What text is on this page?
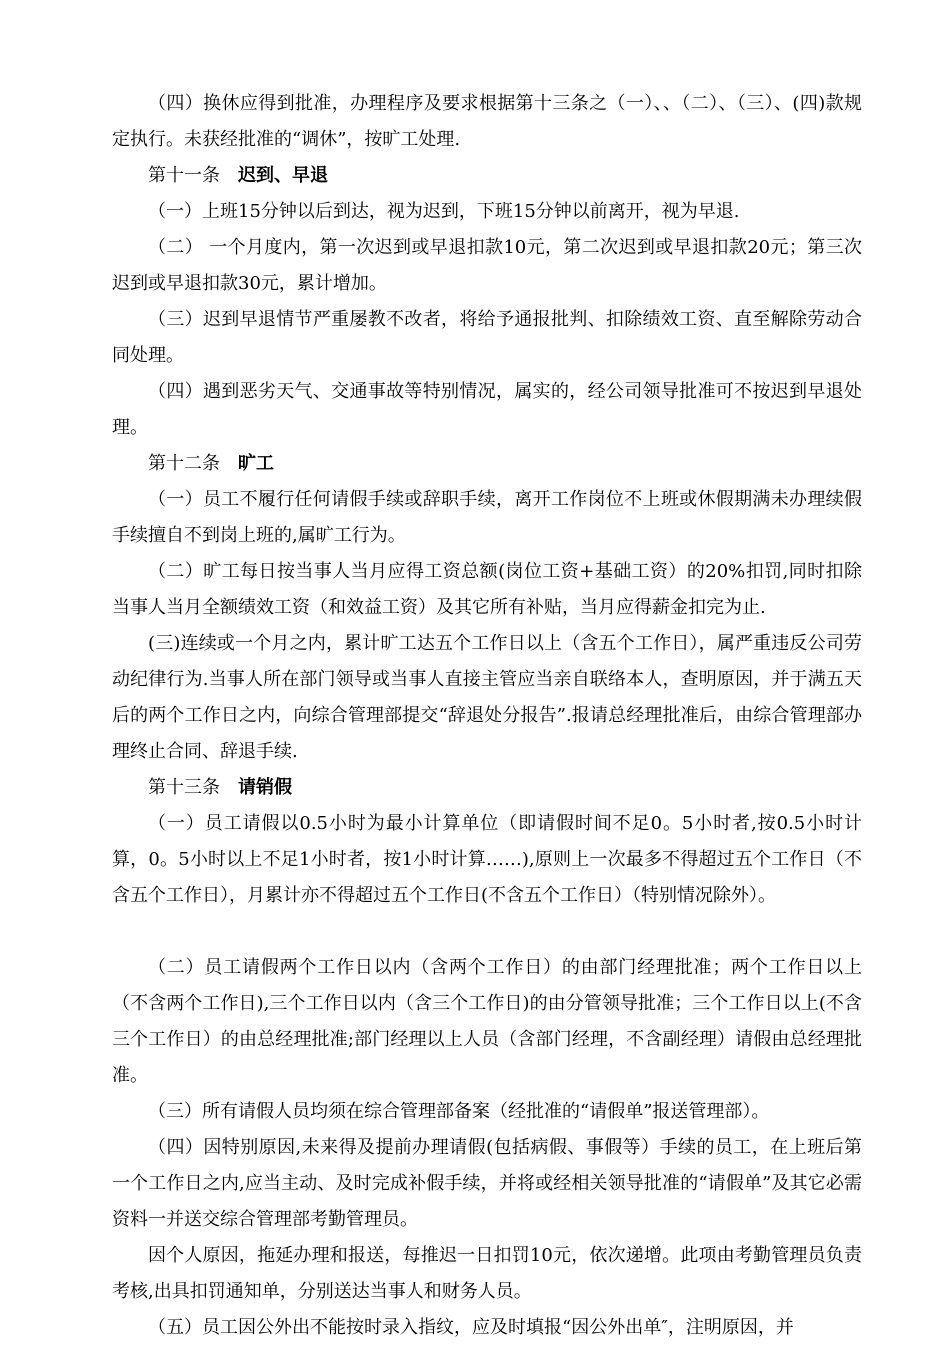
（四）换休应得到批准，办理程序及要求根据第十三条之（一）、、（二）、（三）、(四)款规定执行。未获经批准的“调休”，按旷工处理.

第十一条 迟到、早退

（一）上班15分钟以后到达，视为迟到，下班15分钟以前离开，视为早退.

（二） 一个月度内，第一次迟到或早退扣款10元，第二次迟到或早退扣款20元；第三次迟到或早退扣款30元，累计增加。

（三）迟到早退情节严重屡教不改者，将给予通报批判、扣除绩效工资、直至解除劳动合同处理。

（四）遇到恶劣天气、交通事故等特别情况，属实的，经公司领导批准可不按迟到早退处理。

第十二条 旷工

（一）员工不履行任何请假手续或辞职手续，离开工作岗位不上班或休假期满未办理续假手续擅自不到岗上班的,属旷工行为。

（二）旷工每日按当事人当月应得工资总额(岗位工资+基础工资）的20%扣罚,同时扣除当事人当月全额绩效工资（和效益工资）及其它所有补贴，当月应得薪金扣完为止.

(三)连续或一个月之内，累计旷工达五个工作日以上（含五个工作日），属严重违反公司劳动纪律行为.当事人所在部门领导或当事人直接主管应当亲自联络本人，查明原因，并于满五天后的两个工作日之内，向综合管理部提交“辞退处分报告”.报请总经理批准后，由综合管理部办理终止合同、辞退手续.

第十三条 请销假

（一）员工请假以0.5小时为最小计算单位（即请假时间不足0。5小时者,按0.5小时计算，0。5小时以上不足1小时者，按1小时计算……),原则上一次最多不得超过五个工作日（不含五个工作日），月累计亦不得超过五个工作日(不含五个工作日）（特别情况除外）。

（二）员工请假两个工作日以内（含两个工作日）的由部门经理批准；两个工作日以上（不含两个工作日),三个工作日以内（含三个工作日)的由分管领导批准；三个工作日以上(不含三个工作日）的由总经理批准;部门经理以上人员（含部门经理，不含副经理）请假由总经理批准。

（三）所有请假人员均须在综合管理部备案（经批准的“请假单”报送管理部）。

（四）因特别原因,未来得及提前办理请假(包括病假、事假等）手续的员工，在上班后第一个工作日之内,应当主动、及时完成补假手续，并将或经相关领导批准的“请假单”及其它必需资料一并送交综合管理部考勤管理员。

因个人原因，拖延办理和报送，每推迟一日扣罚10元，依次递增。此项由考勤管理员负责考核,出具扣罚通知单，分别送达当事人和财务人员。

（五）员工因公外出不能按时录入指纹，应及时填报“因公外出单″，注明原因，并
